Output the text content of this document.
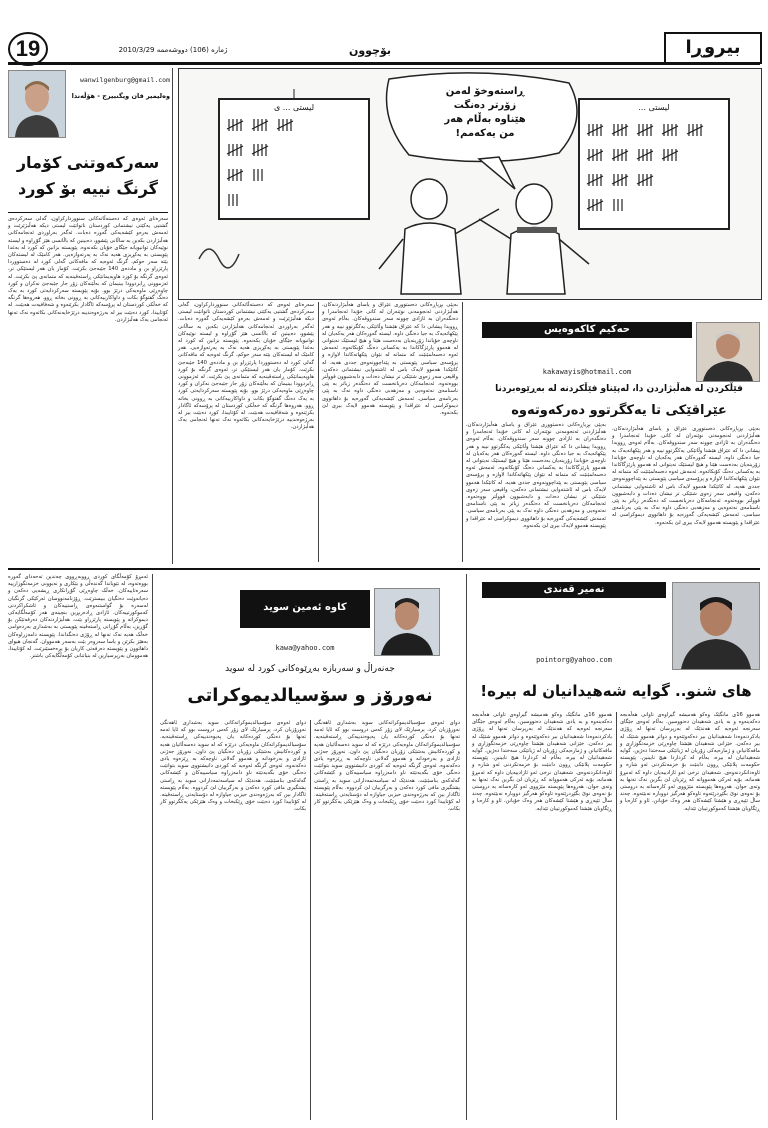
19	ژماره (106) دووشه‌ممه 2010/3/29	بۆچوون	بیروڕا
wanwilgenburg@gmail.com
وەلیمیر قان ویگنبیرج - هۆڵەندا
سەرکەوتنی کۆمار
گرنگ نییە بۆ کورد
سەرەتای ئەوەی کە دەستەڵاتەکانی سنووردارکراون، گەلی سەرکردەی گشتیی یەکێتی نیشتمانی کوردستان ناتوانێت لیستی دیکە هەڵبژێرێت و ئەمەش بەرەو کێشەیەکی گەورە دەبات. ئەگەر بەراوردی ئەنجامەکانی هەڵبژاردن بکەین بە ساڵانی پێشوو، دەبینین کە باڵانسی هێز گۆڕاوە و لیستە نوێیەکان توانیویانە جێگای خۆیان بکەنەوە. پێویستە بزانین کە کورد لە بەغدا پێویستی بە یەکڕیزی هەیە نەک بە پەرتەوازەیی. هەر کامێک لە لیستەکان بێتە سەر حوکم، گرنگ ئەوەیە کە مافەکانی گەلی کورد لە دەستووردا پارێزراو بن و ماددەی 140 جێبەجێ بکرێت. کۆمار یان هەر لیستێکی تر، ئەوەی گرنگە بۆ کورد هاوپەیمانێکی ڕاستەقینەیە کە متمانەی پێ بکرێت. لە ئەزموونی ڕابردوودا بینیمان کە بەڵێنەکان زۆر جار جێبەجێ نەکران و کورد چاوەڕێی ماوەیەکی درێژ بوو. بۆیە پێویستە سەرکردایەتی کورد بە یەک دەنگ گفتوگۆ بکات و داواکارییەکانی بە ڕوونی بخاتە ڕوو. هەروەها گرنگە کە خەڵکی کوردستان لە پرۆسەکە ئاگادار بکرێنەوە و شەفافیەت هەبێت. لە کۆتاییدا، کورد دەبێت بیر لە بەرژەوەندییە درێژخایەنەکانی بکاتەوە نەک تەنها ئەنجامی یەک هەڵبژاردن.
ڕاستەوخۆ لە‌من
زۆرتر دەنگت
هێناوە بەڵام هەر
من یەکەمم!
لیستی ... ی	لیستی ...
سەرەتای ئەوەی کە دەستەڵاتەکانی سنووردارکراون، گەلی سەرکردەی گشتیی یەکێتی نیشتمانی کوردستان ناتوانێت لیستی دیکە هەڵبژێرێت و ئەمەش بەرەو کێشەیەکی گەورە دەبات. ئەگەر بەراوردی ئەنجامەکانی هەڵبژاردن بکەین بە ساڵانی پێشوو، دەبینین کە باڵانسی هێز گۆڕاوە و لیستە نوێیەکان توانیویانە جێگای خۆیان بکەنەوە. پێویستە بزانین کە کورد لە بەغدا پێویستی بە یەکڕیزی هەیە نەک بە پەرتەوازەیی. هەر کامێک لە لیستەکان بێتە سەر حوکم، گرنگ ئەوەیە کە مافەکانی گەلی کورد لە دەستووردا پارێزراو بن و ماددەی 140 جێبەجێ بکرێت. کۆمار یان هەر لیستێکی تر، ئەوەی گرنگە بۆ کورد هاوپەیمانێکی ڕاستەقینەیە کە متمانەی پێ بکرێت. لە ئەزموونی ڕابردوودا بینیمان کە بەڵێنەکان زۆر جار جێبەجێ نەکران و کورد چاوەڕێی ماوەیەکی درێژ بوو. بۆیە پێویستە سەرکردایەتی کورد بە یەک دەنگ گفتوگۆ بکات و داواکارییەکانی بە ڕوونی بخاتە ڕوو. هەروەها گرنگە کە خەڵکی کوردستان لە پرۆسەکە ئاگادار بکرێنەوە و شەفافیەت هەبێت. لە کۆتاییدا، کورد دەبێت بیر لە بەرژەوەندییە درێژخایەنەکانی بکاتەوە نەک تەنها ئەنجامی یەک هەڵبژاردن.
بەپێی بڕیاڕەکانی دەستووری عێراق و یاسای هەڵبژاردنەکان، هەڵبژاردنی ئەنجومەنی نوێنەران لە کاتی خۆیدا ئەنجامدرا و دەنگدەران بە ئازادی چوونە سەر سندووقەکان. بەڵام ئەوەی ڕوویدا پیشانی دا کە عێراق هێشتا وڵاتێکی یەکگرتوو نییە و هەر پێکهاتەیەک بە جیا دەنگی داوە. لیستە گەورەکان هەر یەکەیان لە ناوچەی خۆیاندا زۆرینەیان بەدەست هێنا و هیچ لیستێک نەیتوانی لە هەموو پارێزگاکاندا بە یەکسانی دەنگ کۆبکاتەوە. ئەمەش ئەوە دەسەلمێنێت کە متمانە لە نێوان پێکهاتەکاندا لاوازە و پرۆسەی سیاسی پێویستی بە پێداچوونەوەی جددی هەیە. لە کاتێکدا هەموو لایەک باس لە ئاشتەوایی نیشتمانی دەکەن، واقیعی سەر زەوی شتێکی تر نیشان دەدات و دابەشبوون قووڵتر بووەتەوە. ئەنجامەکان دەریانخست کە دەنگدەر زیاتر بە پێی ناسنامەی نەتەوەیی و مەزهەبی دەنگی داوە نەک بە پێی بەرنامەی سیاسی. ئەمەش کێشەیەکی گەورەیە بۆ داهاتووی دیموکراسی لە عێراقدا و پێویستە هەموو لایەک بیری لێ بکەنەوە.
بەپێی بڕیاڕەکانی دەستووری عێراق و یاسای هەڵبژاردنەکان، هەڵبژاردنی ئەنجومەنی نوێنەران لە کاتی خۆیدا ئەنجامدرا و دەنگدەران بە ئازادی چوونە سەر سندووقەکان. بەڵام ئەوەی ڕوویدا پیشانی دا کە عێراق هێشتا وڵاتێکی یەکگرتوو نییە و هەر پێکهاتەیەک بە جیا دەنگی داوە. لیستە گەورەکان هەر یەکەیان لە ناوچەی خۆیاندا زۆرینەیان بەدەست هێنا و هیچ لیستێک نەیتوانی لە هەموو پارێزگاکاندا بە یەکسانی دەنگ کۆبکاتەوە. ئەمەش ئەوە دەسەلمێنێت کە متمانە لە نێوان پێکهاتەکاندا لاوازە و پرۆسەی سیاسی پێویستی بە پێداچوونەوەی جددی هەیە. لە کاتێکدا هەموو لایەک باس لە ئاشتەوایی نیشتمانی دەکەن، واقیعی سەر زەوی شتێکی تر نیشان دەدات و دابەشبوون قووڵتر بووەتەوە. ئەنجامەکان دەریانخست کە دەنگدەر زیاتر بە پێی ناسنامەی نەتەوەیی و مەزهەبی دەنگی داوە نەک بە پێی بەرنامەی سیاسی. ئەمەش کێشەیەکی گەورەیە بۆ داهاتووی دیموکراسی لە عێراقدا و پێویستە هەموو لایەک بیری لێ بکەنەوە.
حەکیم کاکەوەیس
kakawayis@hotmail.com
فێڵکردن لە هەڵبژاردن دا، لەپێناو فێڵکردنە لە بەڕێوەبردنا
عێراقێکی تا یەکگرتوو دەرکەوتەوە
بەپێی بڕیاڕەکانی دەستووری عێراق و یاسای هەڵبژاردنەکان، هەڵبژاردنی ئەنجومەنی نوێنەران لە کاتی خۆیدا ئەنجامدرا و دەنگدەران بە ئازادی چوونە سەر سندووقەکان. بەڵام ئەوەی ڕوویدا پیشانی دا کە عێراق هێشتا وڵاتێکی یەکگرتوو نییە و هەر پێکهاتەیەک بە جیا دەنگی داوە. لیستە گەورەکان هەر یەکەیان لە ناوچەی خۆیاندا زۆرینەیان بەدەست هێنا و هیچ لیستێک نەیتوانی لە هەموو پارێزگاکاندا بە یەکسانی دەنگ کۆبکاتەوە. ئەمەش ئەوە دەسەلمێنێت کە متمانە لە نێوان پێکهاتەکاندا لاوازە و پرۆسەی سیاسی پێویستی بە پێداچوونەوەی جددی هەیە. لە کاتێکدا هەموو لایەک باس لە ئاشتەوایی نیشتمانی دەکەن، واقیعی سەر زەوی شتێکی تر نیشان دەدات و دابەشبوون قووڵتر بووەتەوە. ئەنجامەکان دەریانخست کە دەنگدەر زیاتر بە پێی ناسنامەی نەتەوەیی و مەزهەبی دەنگی داوە نەک بە پێی بەرنامەی سیاسی. ئەمەش کێشەیەکی گەورەیە بۆ داهاتووی دیموکراسی لە عێراقدا و پێویستە هەموو لایەک بیری لێ بکەنەوە.
ئەمڕۆ کۆمەڵگای کوردی ڕووبەڕووی چەندین تەحەدای گەورە بووەتەوە، لە نێویاندا گەندەڵی و بێکاری و نەبوونی خزمەتگوزارییە سەرەتاییەکان. خەڵک چاوەڕێی گۆڕانکاری ڕیشەیی دەکەن و دەیانەوێت دەنگیان ببیسترێت. ڕۆژنامەنووسان ئەرکێکی گرنگیان لەسەرە بۆ گواستنەوەی ڕاستییەکان و ئاشکراکردنی کەموکورتییەکان. ئازادی ڕادەربڕین بنچینەی هەر کۆمەڵگایەکی دیموکراتە و پێویستە پارێزراو بێت. هەڵبژاردنەکان دەرفەتێکن بۆ گۆڕین، بەڵام گۆڕانی ڕاستەقینە پێویستی بە بەشداری بەردەوامی خەڵک هەیە نەک تەنها لە ڕۆژی دەنگداندا. پێویستە دامەزراوەکان بەهێز بکرێن و یاسا سەروەر بێت بەسەر هەمووان. گەنجان هیوای داهاتوون و پێویستە دەرفەتی کاریان بۆ بڕەخسێنرێت. لە کۆتاییدا، هەموومان بەرپرسیارین لە بنیاتنانی کۆمەڵگایەکی باشتر.
کاوە ئەمین سوید
kawa@yahoo.com
جەنەراڵ و سەربازە بەڕێوەکانی کورد لە سوید
نەورۆز و سۆسیالدیموکراتی
دوای ئەوەی سۆسیالدیموکراتەکانی سوید بەشداری ئاهەنگی نەورۆزیان کرد، پرسیارێک لای زۆر کەس دروست بوو کە ئایا ئەمە تەنها بۆ دەنگی کوردەکانە یان پەیوەندییەکی ڕاستەقینەیە. سۆسیالدیموکراتەکان ماوەیەکی درێژە کە لە سوید دەسەڵاتیان هەیە و کوردەکانیش بەشێکی زۆریان دەنگیان پێ داون. نەورۆز جەژنی ئازادی و بەرخودانە و هەموو گەلانی ناوچەکە بە ڕێزەوە یادی دەکەنەوە. ئەوەی گرنگە ئەوەیە کە کوردی دانیشتووی سوید بتوانێت دەنگی خۆی بگەیەنێتە ناو دامەزراوە سیاسییەکان و کێشەکانی گەلەکەی بناسێنێت. هەندێک لە سیاسەتمەدارانی سوید بە ڕاستی پشتگیری مافی کورد دەکەن و بەرگرییان لێ کردووە. بەڵام پێویستە ئاگادار بین کە بەرژەوەندی حیزبی جیاوازە لە دۆستایەتی ڕاستەقینە. لە کۆتاییدا کورد دەبێت خۆی ڕێکبخات و وەک هێزێکی یەکگرتوو کار بکات.
دوای ئەوەی سۆسیالدیموکراتەکانی سوید بەشداری ئاهەنگی نەورۆزیان کرد، پرسیارێک لای زۆر کەس دروست بوو کە ئایا ئەمە تەنها بۆ دەنگی کوردەکانە یان پەیوەندییەکی ڕاستەقینەیە. سۆسیالدیموکراتەکان ماوەیەکی درێژە کە لە سوید دەسەڵاتیان هەیە و کوردەکانیش بەشێکی زۆریان دەنگیان پێ داون. نەورۆز جەژنی ئازادی و بەرخودانە و هەموو گەلانی ناوچەکە بە ڕێزەوە یادی دەکەنەوە. ئەوەی گرنگە ئەوەیە کە کوردی دانیشتووی سوید بتوانێت دەنگی خۆی بگەیەنێتە ناو دامەزراوە سیاسییەکان و کێشەکانی گەلەکەی بناسێنێت. هەندێک لە سیاسەتمەدارانی سوید بە ڕاستی پشتگیری مافی کورد دەکەن و بەرگرییان لێ کردووە. بەڵام پێویستە ئاگادار بین کە بەرژەوەندی حیزبی جیاوازە لە دۆستایەتی ڕاستەقینە. لە کۆتاییدا کورد دەبێت خۆی ڕێکبخات و وەک هێزێکی یەکگرتوو کار بکات.
نەمیر قەندی
pointorg@yahoo.com
های شنو.. گوایە شەهیدانیان لە بیرە!
هەموو 16ی مانگێک وەکو هەمیشە گیراوەی تاوانی هەڵەبجە دەکەینەوە و بە یادی شەهیدان دەنووسین. بەڵام ئەوەی جێگای سەرنجە ئەوەیە کە هەندێک لە بەرپرسان تەنها لە ڕۆژی یادکردنەوەدا شەهیدانیان بیر دەکەوێتەوە و دواتر هەموو شتێک لە بیر دەکەن. خێزانی شەهیدان هێشتا چاوەڕێی خزمەتگوزاری و مافەکانیانن و ژمارەیەکی زۆریان لە ژیانێکی سەختدا دەژین. گوایە شەهیدانیان لە بیرە، بەڵام لە کرداردا هیچ نابینین. پێویستە حکومەت پلانێکی ڕوون دابنێت بۆ خزمەتکردنی ئەو شارە و ئاوەدانکردنەوەی. شەهیدان نرخی ئەو ئازادییەیان داوە کە ئەمڕۆ هەمانە، بۆیە ئەرکی هەمووانە کە ڕێزیان لێ بگرین نەک تەنها بە وتەی جوان. هەروەها پێویستە مێژووی ئەو کارەساتە بە دروستی بۆ نەوەی نوێ بگێڕدرێتەوە تاوەکو هەرگیز دووبارە نەبێتەوە. چەند ساڵ تێپەڕی و هێشتا کێشەکان هەر وەک خۆیانن، ئاو و کارەبا و ڕێگاوبان هێشتا کەموکورتییان تێدایە.
هەموو 16ی مانگێک وەکو هەمیشە گیراوەی تاوانی هەڵەبجە دەکەینەوە و بە یادی شەهیدان دەنووسین. بەڵام ئەوەی جێگای سەرنجە ئەوەیە کە هەندێک لە بەرپرسان تەنها لە ڕۆژی یادکردنەوەدا شەهیدانیان بیر دەکەوێتەوە و دواتر هەموو شتێک لە بیر دەکەن. خێزانی شەهیدان هێشتا چاوەڕێی خزمەتگوزاری و مافەکانیانن و ژمارەیەکی زۆریان لە ژیانێکی سەختدا دەژین. گوایە شەهیدانیان لە بیرە، بەڵام لە کرداردا هیچ نابینین. پێویستە حکومەت پلانێکی ڕوون دابنێت بۆ خزمەتکردنی ئەو شارە و ئاوەدانکردنەوەی. شەهیدان نرخی ئەو ئازادییەیان داوە کە ئەمڕۆ هەمانە، بۆیە ئەرکی هەمووانە کە ڕێزیان لێ بگرین نەک تەنها بە وتەی جوان. هەروەها پێویستە مێژووی ئەو کارەساتە بە دروستی بۆ نەوەی نوێ بگێڕدرێتەوە تاوەکو هەرگیز دووبارە نەبێتەوە. چەند ساڵ تێپەڕی و هێشتا کێشەکان هەر وەک خۆیانن، ئاو و کارەبا و ڕێگاوبان هێشتا کەموکورتییان تێدایە.
